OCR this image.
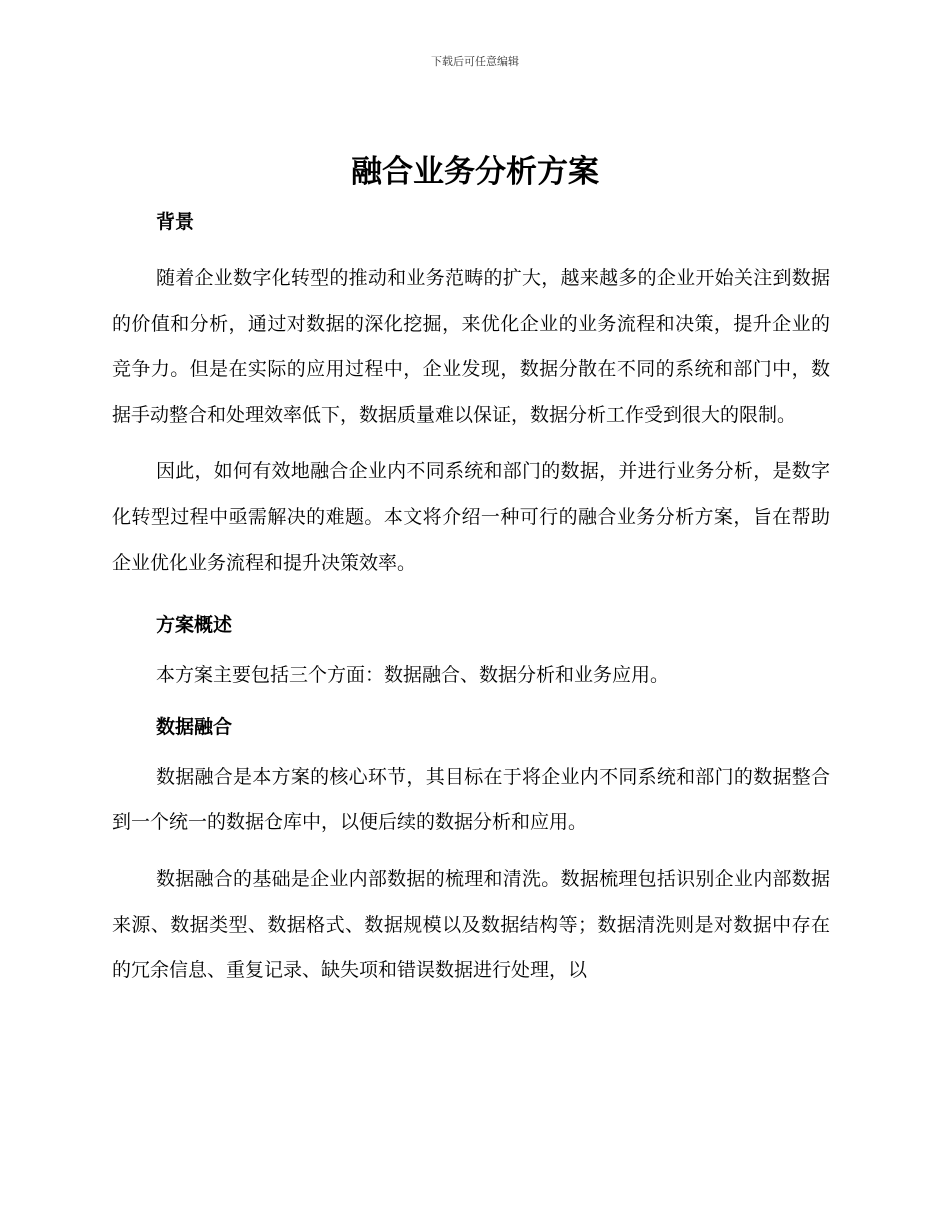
下载后可任意编辑
融合业务分析方案
背景

随着企业数字化转型的推动和业务范畴的扩大，越来越多的企业开始关注到数据的价值和分析，通过对数据的深化挖掘，来优化企业的业务流程和决策，提升企业的竞争力。但是在实际的应用过程中，企业发现，数据分散在不同的系统和部门中，数据手动整合和处理效率低下，数据质量难以保证，数据分析工作受到很大的限制。

因此，如何有效地融合企业内不同系统和部门的数据，并进行业务分析，是数字化转型过程中亟需解决的难题。本文将介绍一种可行的融合业务分析方案，旨在帮助企业优化业务流程和提升决策效率。

方案概述

本方案主要包括三个方面：数据融合、数据分析和业务应用。

数据融合

数据融合是本方案的核心环节，其目标在于将企业内不同系统和部门的数据整合到一个统一的数据仓库中，以便后续的数据分析和应用。

数据融合的基础是企业内部数据的梳理和清洗。数据梳理包括识别企业内部数据来源、数据类型、数据格式、数据规模以及数据结构等；数据清洗则是对数据中存在的冗余信息、重复记录、缺失项和错误数据进行处理，以
